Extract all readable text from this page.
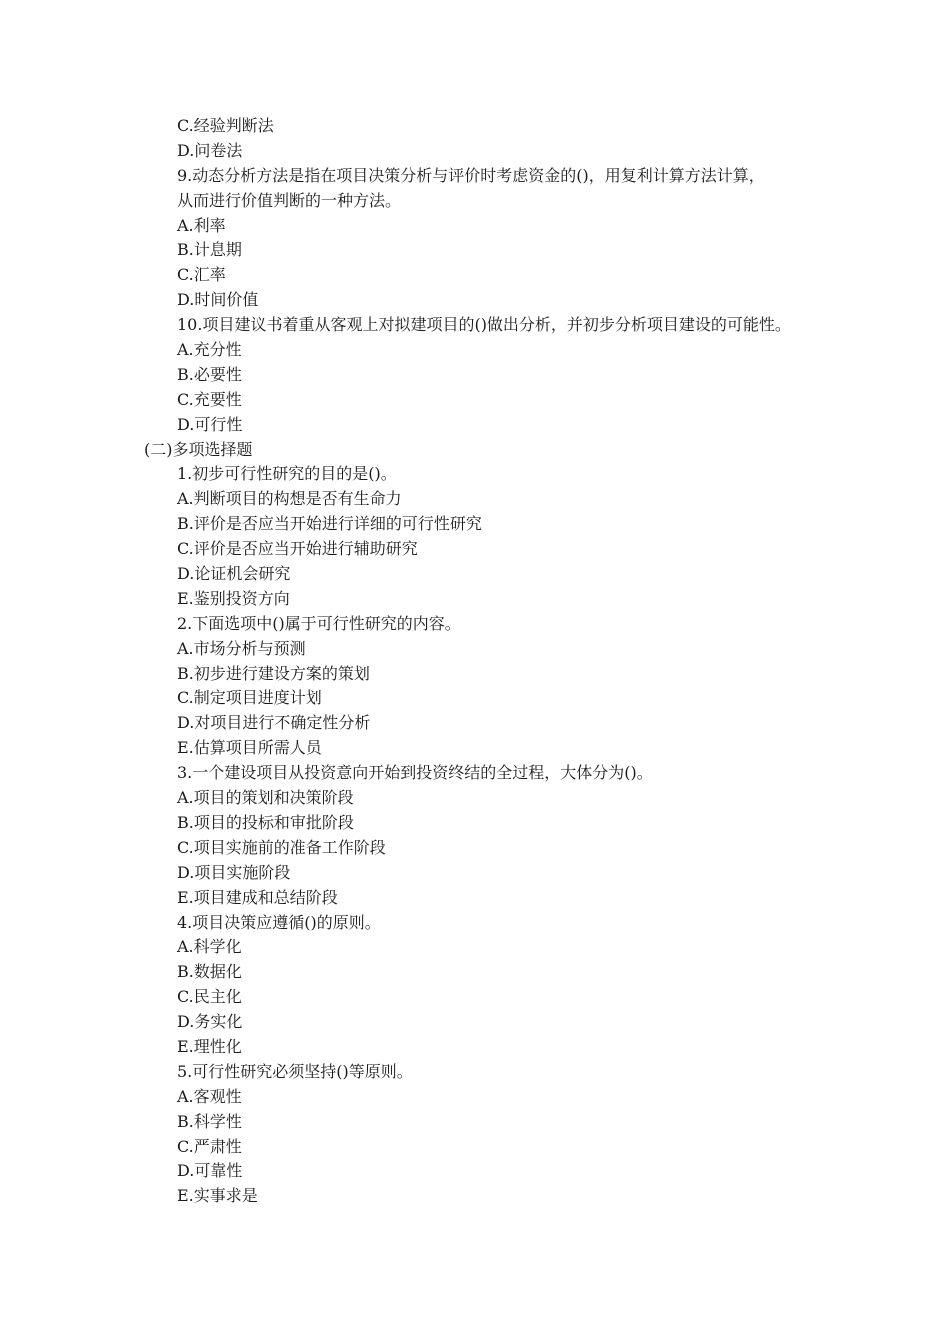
C.经验判断法
D.问卷法
9.动态分析方法是指在项目决策分析与评价时考虑资金的()，用复利计算方法计算，
从而进行价值判断的一种方法。
A.利率
B.计息期
C.汇率
D.时间价值
10.项目建议书着重从客观上对拟建项目的()做出分析，并初步分析项目建设的可能性。
A.充分性
B.必要性
C.充要性
D.可行性
(二)多项选择题
1.初步可行性研究的目的是()。
A.判断项目的构想是否有生命力
B.评价是否应当开始进行详细的可行性研究
C.评价是否应当开始进行辅助研究
D.论证机会研究
E.鉴别投资方向
2.下面选项中()属于可行性研究的内容。
A.市场分析与预测
B.初步进行建设方案的策划
C.制定项目进度计划
D.对项目进行不确定性分析
E.估算项目所需人员
3.一个建设项目从投资意向开始到投资终结的全过程，大体分为()。
A.项目的策划和决策阶段
B.项目的投标和审批阶段
C.项目实施前的准备工作阶段
D.项目实施阶段
E.项目建成和总结阶段
4.项目决策应遵循()的原则。
A.科学化
B.数据化
C.民主化
D.务实化
E.理性化
5.可行性研究必须坚持()等原则。
A.客观性
B.科学性
C.严肃性
D.可靠性
E.实事求是
